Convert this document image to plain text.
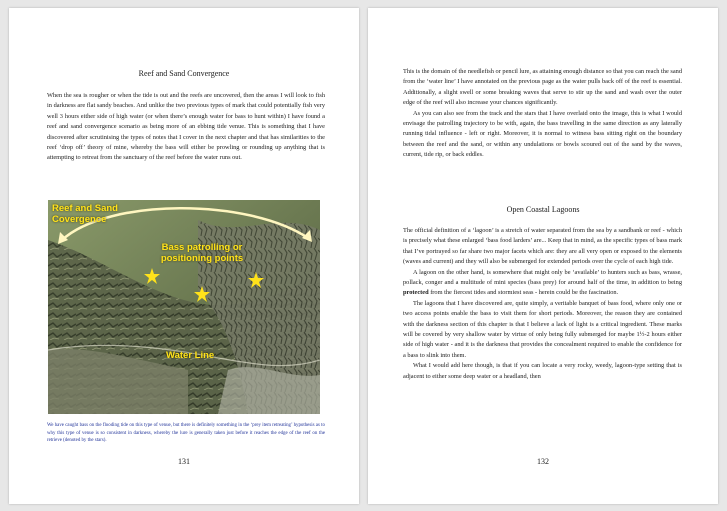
Reef and Sand Convergence

When the sea is rougher or when the tide is out and the reefs are uncovered, then the areas I will look to fish in darkness are flat sandy beaches. And unlike the two previous types of mark that could potentially fish very well 3 hours either side of high water (or when there’s enough water for bass to hunt within) I have found a reef and sand convergence scenario as being more of an ebbing tide venue. This is something that I have discovered after scrutinising the types of notes that I cover in the next chapter and that has similarities to the reef ‘drop off’ theory of mine, whereby the bass will either be prowling or rounding up anything that is attempting to retreat from the sanctuary of the reef before the water runs out.

Reef and Sand Covergence
Bass patrolling or positioning points
Water Line
We have caught bass on the flooding tide on this type of venue, but there is definitely something in the ‘prey item retreating’ hypothesis as to why this type of venue is so consistent in darkness, whereby the lure is generally taken just before it reaches the edge of the reef on the retrieve (denoted by the stars).
131

This is the domain of the needlefish or pencil lure, as attaining enough distance so that you can reach the sand from the ‘water line’ I have annotated on the previous page as the water pulls back off of the reef is essential. Additionally, a slight swell or some breaking waves that serve to stir up the sand and wash over the outer edge of the reef will also increase your chances significantly.

As you can also see from the track and the stars that I have overlaid onto the image, this is what I would envisage the patrolling trajectory to be with, again, the bass travelling in the same direction as any laterally running tidal influence - left or right. Moreover, it is normal to witness bass sitting right on the boundary between the reef and the sand, or within any undulations or bowls scoured out of the sand by the waves, current, tide rip, or back eddles.

Open Coastal Lagoons

The official definition of a ‘lagoon’ is a stretch of water separated from the sea by a sandbank or reef - which is precisely what these enlarged ‘bass food larders’ are... Keep that in mind, as the specific types of bass mark that I’ve portrayed so far share two major facets which are: they are all very open or exposed to the elements (waves and current) and they will also be submerged for extended periods over the cycle of each high tide.

A lagoon on the other hand, is somewhere that might only be ‘available’ to hunters such as bass, wrasse, pollack, conger and a multitude of mini species (bass prey) for around half of the time, in addition to being protected from the fiercest tides and stormiest seas - herein could be the fascination.

The lagoons that I have discovered are, quite simply, a veritable banquet of bass food, where only one or two access points enable the bass to visit them for short periods. Moreover, the reason they are contained with the darkness section of this chapter is that I believe a lack of light is a critical ingredient. These marks will be covered by very shallow water by virtue of only being fully submerged for maybe 1½-2 hours either side of high water - and it is the darkness that provides the concealment required to enable the confidence for a bass to slink into them.

What I would add here though, is that if you can locate a very rocky, weedy, lagoon-type setting that is adjacent to either some deep water or a headland, then

132
